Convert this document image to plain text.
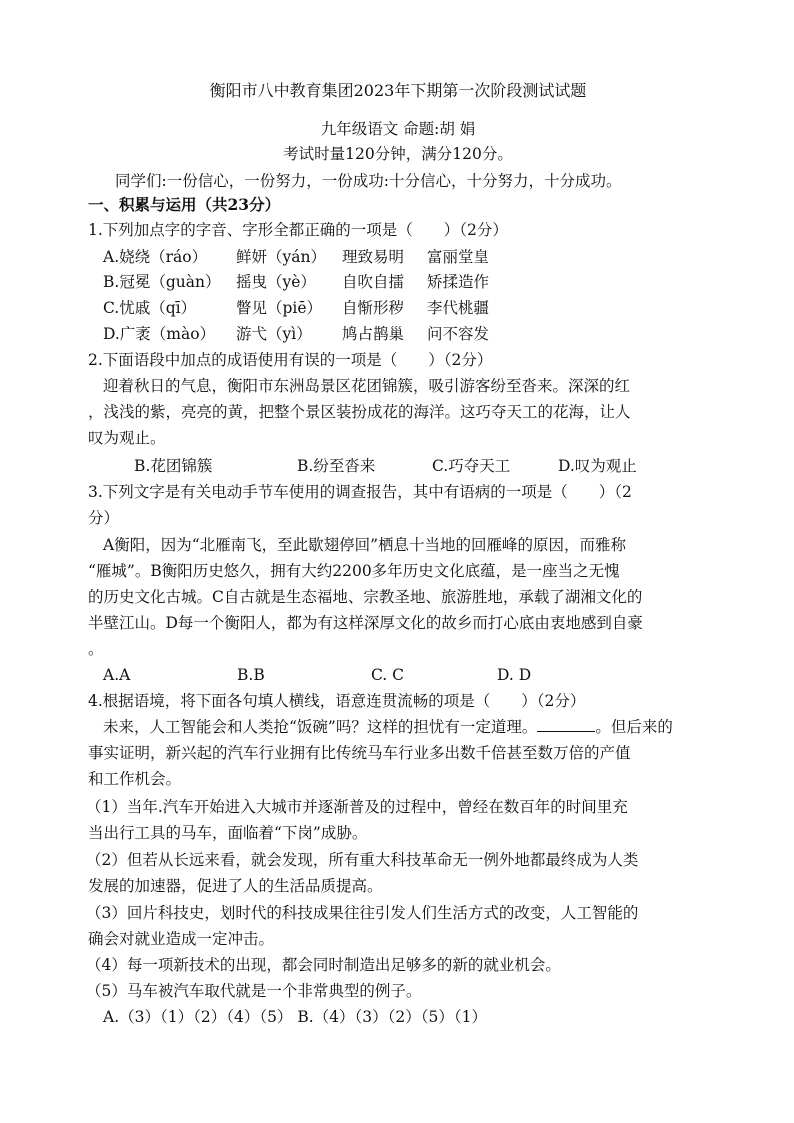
衡阳市八中教育集团2023年下期第一次阶段测试试题
九年级语文 命题:胡 娟
考试时量120分钟，满分120分。
同学们:一份信心，一份努力，一份成功:十分信心，十分努力，十分成功。
一、积累与运用（共23分）
1.下列加点字的字音、字形全都正确的一项是（　　）（2分）
A.娆绕（ráo） 鲜妍（yán） 理致易明 富丽堂皇
B.冠冕（guàn） 摇曳（yè） 自吹自擂 矫揉造作
C.忧戚（qī）	瞥见（piē） 自惭形秽 李代桃疆
D.广袤（mào） 游弋（yì） 鸠占鹊巢 问不容发
2.下面语段中加点的成语使用有误的一项是（　　）（2分）
迎着秋日的气息，衡阳市东洲岛景区花团锦簇，吸引游客纷至沓来。深深的红
，浅浅的紫，亮亮的黄，把整个景区装扮成花的海洋。这巧夺天工的花海，让人
叹为观止。
B.花团锦簇	B.纷至沓来	C.巧夺天工	D.叹为观止
3.下列文字是有关电动手节车使用的调查报告，其中有语病的一项是（　　）（2
分）
A衡阳，因为“北雁南飞，至此歇翅停回”栖息十当地的回雁峰的原因，而雅称
“雁城”。B衡阳历史悠久，拥有大约2200多年历史文化底蕴，是一座当之无愧
的历史文化古城。C自古就是生态福地、宗教圣地、旅游胜地，承载了湖湘文化的
半壁江山。D每一个衡阳人，都为有这样深厚文化的故乡而打心底由衷地感到自豪
。
A.A	B.B	C. C	D. D
4.根据语境，将下面各句填人横线，语意连贯流畅的项是（　　）（2分）
未来，人工智能会和人类抢“饭碗”吗？这样的担忧有一定道理。	。但后来的
事实证明，新兴起的汽车行业拥有比传统马车行业多出数千倍甚至数万倍的产值
和工作机会。
（1）当年.汽车开始进入大城市并逐渐普及的过程中，曾经在数百年的时间里充
当出行工具的马车，面临着“下岗”成胁。
（2）但若从长远来看，就会发现，所有重大科技革命无一例外地都最终成为人类
发展的加速器，促进了人的生活品质提高。
（3）回片科技史，划时代的科技成果往往引发人们生活方式的改变，人工智能的
确会对就业造成一定冲击。
（4）每一项新技术的出现，都会同时制造出足够多的新的就业机会。
（5）马车被汽车取代就是一个非常典型的例子。
A.（3）（1）（2）（4）（5） B.（4）（3）（2）（5）（1）
